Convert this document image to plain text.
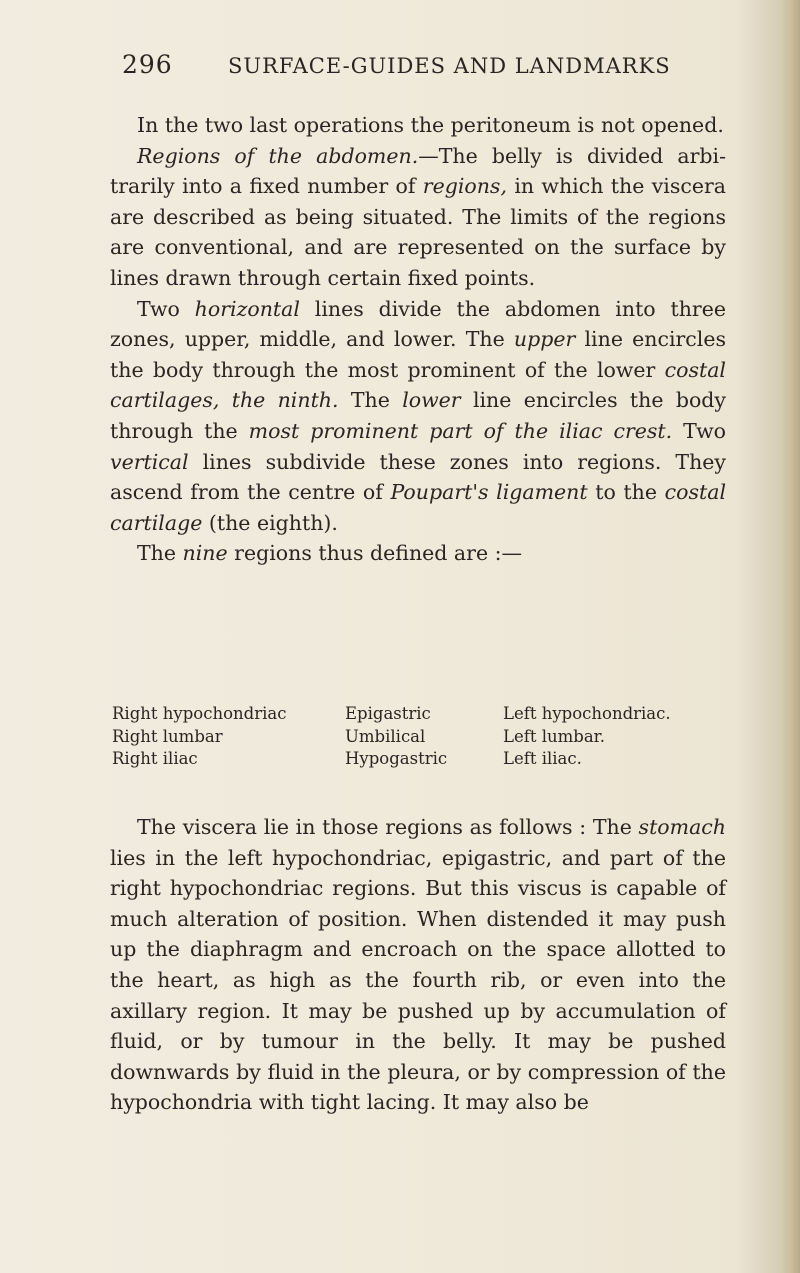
296	SURFACE-GUIDES AND LANDMARKS

In the two last operations the peritoneum is not opened.

Regions of the abdomen.—The belly is divided arbitrarily into a fixed number of regions, in which the viscera are described as being situated. The limits of the regions are conventional, and are represented on the surface by lines drawn through certain fixed points.

Two horizontal lines divide the abdomen into three zones, upper, middle, and lower. The upper line encircles the body through the most prominent of the lower costal cartilages, the ninth. The lower line encircles the body through the most prominent part of the iliac crest. Two vertical lines subdivide these zones into regions. They ascend from the centre of Poupart's ligament to the costal cartilage (the eighth).

The nine regions thus defined are :—

Right hypochondriac	Epigastric	Left hypochondriac.
Right lumbar	Umbilical	Left lumbar.
Right iliac	Hypogastric	Left iliac.

The viscera lie in those regions as follows : The stomach lies in the left hypochondriac, epigastric, and part of the right hypochondriac regions. But this viscus is capable of much alteration of position. When distended it may push up the diaphragm and encroach on the space allotted to the heart, as high as the fourth rib, or even into the axillary region. It may be pushed up by accumulation of fluid, or by tumour in the belly. It may be pushed downwards by fluid in the pleura, or by compression of the hypochondria with tight lacing. It may also be
